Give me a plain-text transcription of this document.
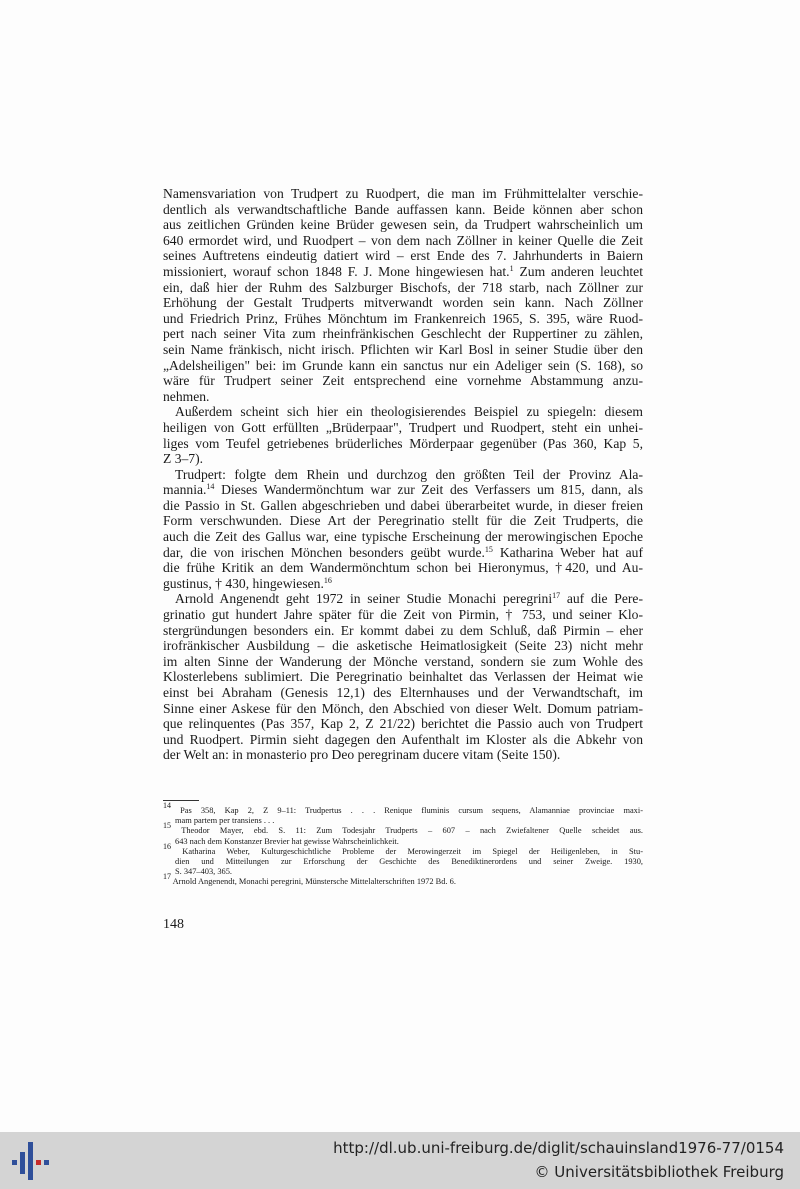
Namensvariation von Trudpert zu Ruodpert, die man im Frühmittelalter verschie-
dentlich als verwandtschaftliche Bande auffassen kann. Beide können aber schon
aus zeitlichen Gründen keine Brüder gewesen sein, da Trudpert wahrscheinlich um
640 ermordet wird, und Ruodpert – von dem nach Zöllner in keiner Quelle die Zeit
seines Auftretens eindeutig datiert wird – erst Ende des 7. Jahrhunderts in Baiern
missioniert, worauf schon 1848 F. J. Mone hingewiesen hat.$^1$ Zum anderen leuchtet
ein, daß hier der Ruhm des Salzburger Bischofs, der 718 starb, nach Zöllner zur
Erhöhung der Gestalt Trudperts mitverwandt worden sein kann. Nach Zöllner
und Friedrich Prinz, Frühes Mönchtum im Frankenreich 1965, S. 395, wäre Ruod-
pert nach seiner Vita zum rheinfränkischen Geschlecht der Ruppertiner zu zählen,
sein Name fränkisch, nicht irisch. Pflichten wir Karl Bosl in seiner Studie über den
„Adelsheiligen" bei: im Grunde kann ein sanctus nur ein Adeliger sein (S. 168), so
wäre für Trudpert seiner Zeit entsprechend eine vornehme Abstammung anzu-
nehmen.
Außerdem scheint sich hier ein theologisierendes Beispiel zu spiegeln: diesem
heiligen von Gott erfüllten „Brüderpaar", Trudpert und Ruodpert, steht ein unhei-
liges vom Teufel getriebenes brüderliches Mörderpaar gegenüber (Pas 360, Kap 5,
Z 3–7).
Trudpert: folgte dem Rhein und durchzog den größten Teil der Provinz Ala-
mannia.$^{14}$ Dieses Wandermönchtum war zur Zeit des Verfassers um 815, dann, als
die Passio in St. Gallen abgeschrieben und dabei überarbeitet wurde, in dieser freien
Form verschwunden. Diese Art der Peregrinatio stellt für die Zeit Trudperts, die
auch die Zeit des Gallus war, eine typische Erscheinung der merowingischen Epoche
dar, die von irischen Mönchen besonders geübt wurde.$^{15}$ Katharina Weber hat auf
die frühe Kritik an dem Wandermönchtum schon bei Hieronymus, †420, und Au-
gustinus, † 430, hingewiesen.$^{16}$
Arnold Angenendt geht 1972 in seiner Studie Monachi peregrini$^{17}$ auf die Pere-
grinatio gut hundert Jahre später für die Zeit von Pirmin, † 753, und seiner Klo-
stergründungen besonders ein. Er kommt dabei zu dem Schluß, daß Pirmin – eher
irofränkischer Ausbildung – die asketische Heimatlosigkeit (Seite 23) nicht mehr
im alten Sinne der Wanderung der Mönche verstand, sondern sie zum Wohle des
Klosterlebens sublimiert. Die Peregrinatio beinhaltet das Verlassen der Heimat wie
einst bei Abraham (Genesis 12,1) des Elternhauses und der Verwandtschaft, im
Sinne einer Askese für den Mönch, den Abschied von dieser Welt. Domum patriam-
que relinquentes (Pas 357, Kap 2, Z 21/22) berichtet die Passio auch von Trudpert
und Ruodpert. Pirmin sieht dagegen den Aufenthalt im Kloster als die Abkehr von
der Welt an: in monasterio pro Deo peregrinam ducere vitam (Seite 150).
$^{14}$ Pas 358, Kap 2, Z 9–11: Trudpertus . . . Renique fluminis cursum sequens, Alamanniae provinciae maxi-
mam partem per transiens . . .
$^{15}$ Theodor Mayer, ebd. S. 11: Zum Todesjahr Trudperts – 607 – nach Zwiefaltener Quelle scheidet aus.
643 nach dem Konstanzer Brevier hat gewisse Wahrscheinlichkeit.
$^{16}$ Katharina Weber, Kulturgeschichtliche Probleme der Merowingerzeit im Spiegel der Heiligenleben, in Stu-
dien und Mitteilungen zur Erforschung der Geschichte des Benediktinerordens und seiner Zweige. 1930,
S. 347–403, 365.
$^{17}$ Arnold Angenendt, Monachi peregrini, Münstersche Mittelalterschriften 1972 Bd. 6.
148
http://dl.ub.uni-freiburg.de/diglit/schauinsland1976-77/0154
© Universitätsbibliothek Freiburg
